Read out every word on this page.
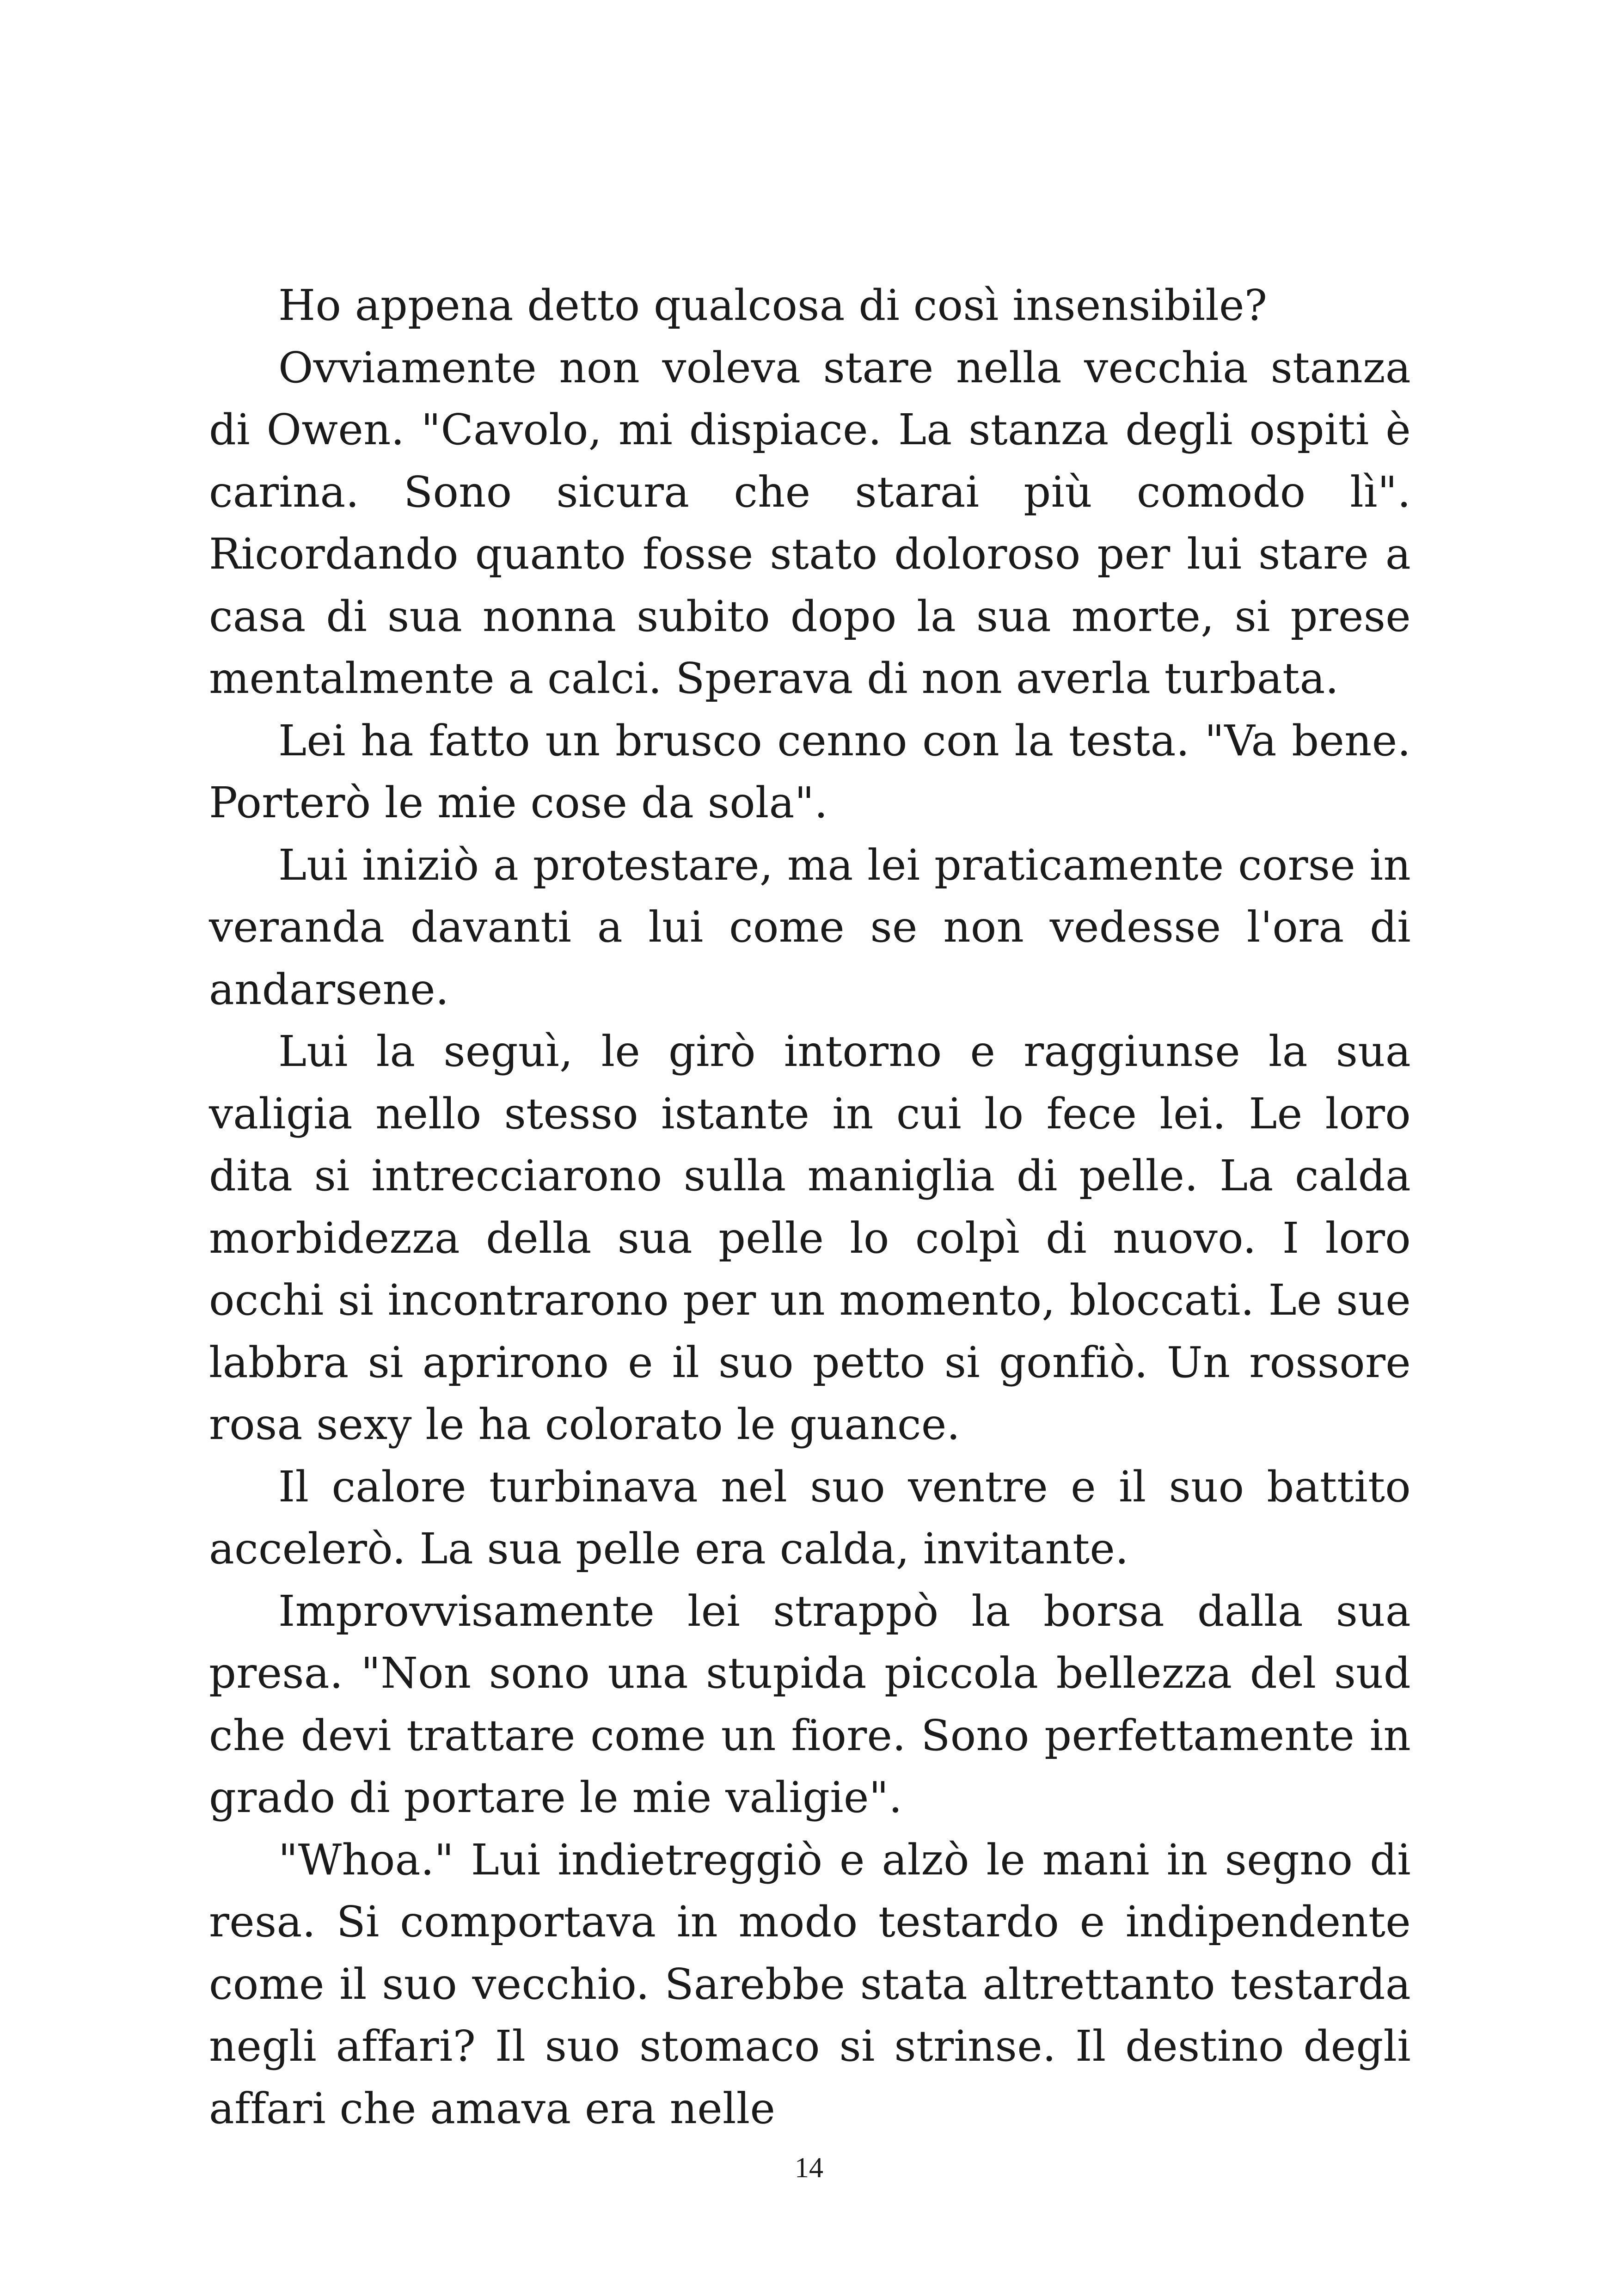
Ho appena detto qualcosa di così insensibile?

Ovviamente non voleva stare nella vecchia stanza di Owen. "Cavolo, mi dispiace. La stanza degli ospiti è carina. Sono sicura che starai più comodo lì". Ricordando quanto fosse stato doloroso per lui stare a casa di sua nonna subito dopo la sua morte, si prese mentalmente a calci. Sperava di non averla turbata.

Lei ha fatto un brusco cenno con la testa. "Va bene. Porterò le mie cose da sola".

Lui iniziò a protestare, ma lei praticamente corse in veranda davanti a lui come se non vedesse l'ora di andarsene.

Lui la seguì, le girò intorno e raggiunse la sua valigia nello stesso istante in cui lo fece lei. Le loro dita si intrecciarono sulla maniglia di pelle. La calda morbidezza della sua pelle lo colpì di nuovo. I loro occhi si incontrarono per un momento, bloccati. Le sue labbra si aprirono e il suo petto si gonfiò. Un rossore rosa sexy le ha colorato le guance.

Il calore turbinava nel suo ventre e il suo battito accelerò. La sua pelle era calda, invitante.

Improvvisamente lei strappò la borsa dalla sua presa. "Non sono una stupida piccola bellezza del sud che devi trattare come un fiore. Sono perfettamente in grado di portare le mie valigie".

"Whoa." Lui indietreggiò e alzò le mani in segno di resa. Si comportava in modo testardo e indipendente come il suo vecchio. Sarebbe stata altrettanto testarda negli affari? Il suo stomaco si strinse. Il destino degli affari che amava era nelle

14
